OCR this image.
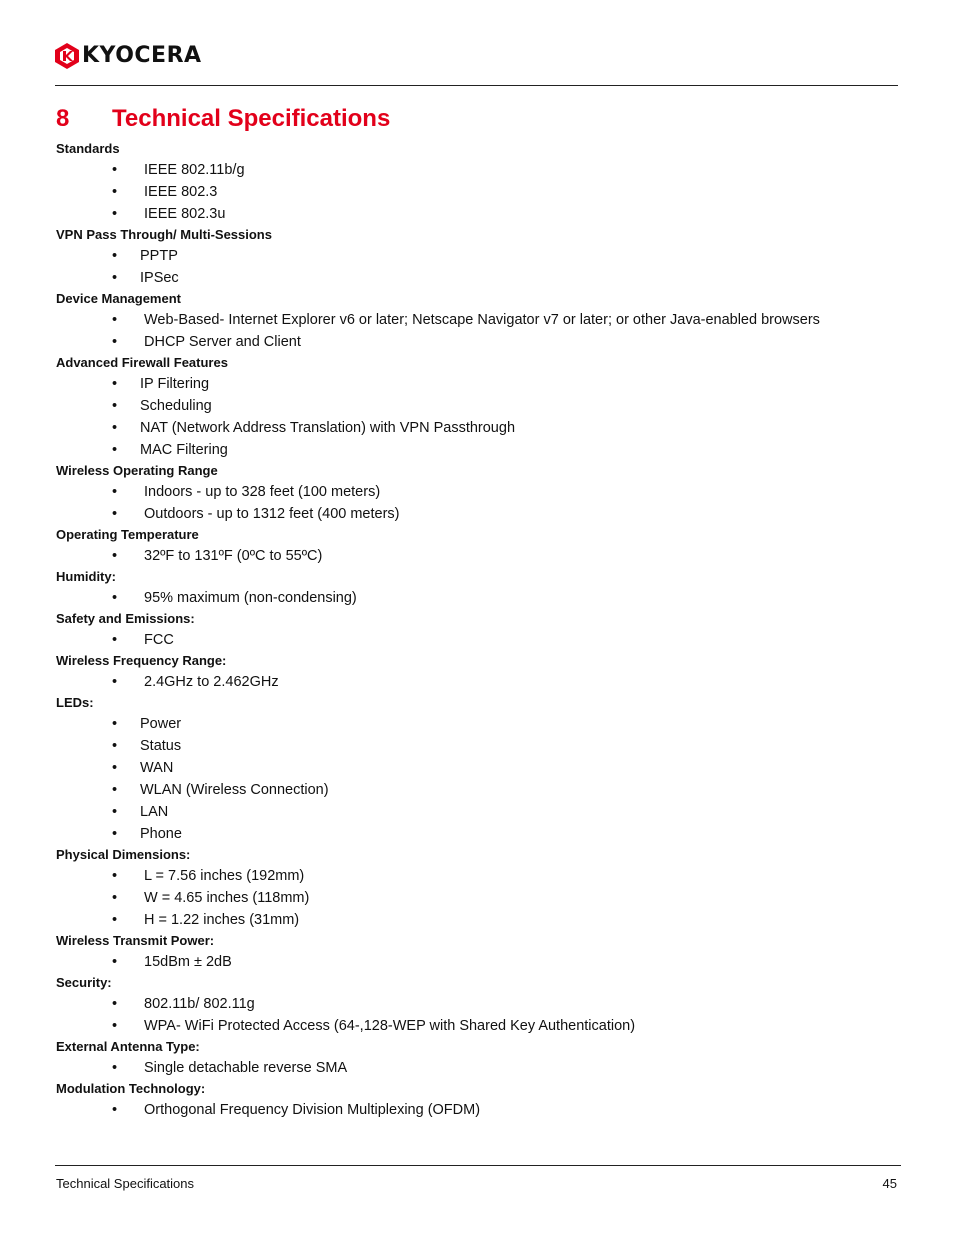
KYOCERA
8 Technical Specifications
Standards
•	IEEE 802.11b/g
•	IEEE 802.3
•	IEEE 802.3u
VPN Pass Through/ Multi-Sessions
•	PPTP
•	IPSec
Device Management
•	Web-Based- Internet Explorer v6 or later; Netscape Navigator v7 or later; or other Java-enabled browsers
•	DHCP Server and Client
Advanced Firewall Features
•	IP Filtering
•	Scheduling
•	NAT (Network Address Translation) with VPN Passthrough
•	MAC Filtering
Wireless Operating Range
•	Indoors - up to 328 feet (100 meters)
•	Outdoors - up to 1312 feet (400 meters)
Operating Temperature
•	32ºF to 131ºF (0ºC to 55ºC)
Humidity:
•	95% maximum (non-condensing)
Safety and Emissions:
•	FCC
Wireless Frequency Range:
•	2.4GHz to 2.462GHz
LEDs:
•	Power
•	Status
•	WAN
•	WLAN (Wireless Connection)
•	LAN
•	Phone
Physical Dimensions:
•	L = 7.56 inches (192mm)
•	W = 4.65 inches (118mm)
•	H = 1.22 inches (31mm)
Wireless Transmit Power:
•	15dBm ± 2dB
Security:
•	802.11b/ 802.11g
•	WPA- WiFi Protected Access (64-,128-WEP with Shared Key Authentication)
External Antenna Type:
•	Single detachable reverse SMA
Modulation Technology:
•	Orthogonal Frequency Division Multiplexing (OFDM)
Technical Specifications	45
